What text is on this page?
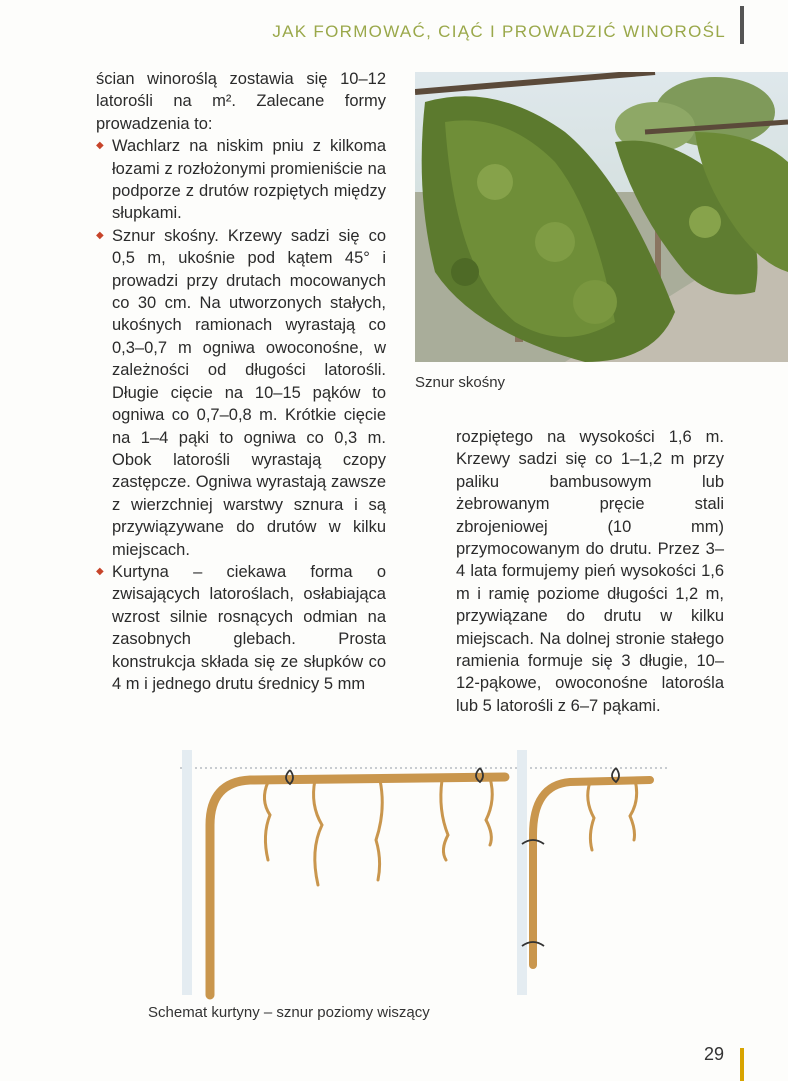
JAK FORMOWAĆ, CIĄĆ I PROWADZIĆ WINOROŚL

ścian winoroślą zostawia się 10–12 latorośli na m². Zalecane formy prowadzenia to:

◆ Wachlarz na niskim pniu z kilkoma łozami z rozłożonymi promieniście na podporze z drutów rozpiętych między słupkami.
◆ Sznur skośny. Krzewy sadzi się co 0,5 m, ukośnie pod kątem 45° i prowadzi przy drutach mocowanych co 30 cm. Na utworzonych stałych, ukośnych ramionach wyrastają co 0,3–0,7 m ogniwa owoconośne, w zależności od długości latorośli. Długie cięcie na 10–15 pąków to ogniwa co 0,7–0,8 m. Krótkie cięcie na 1–4 pąki to ogniwa co 0,3 m. Obok latorośli wyrastają czopy zastępcze. Ogniwa wyrastają zawsze z wierzchniej warstwy sznura i są przywiązywane do drutów w kilku miejscach.
◆ Kurtyna – ciekawa forma o zwisających latoroślach, osłabiająca wzrost silnie rosnących odmian na zasobnych glebach. Prosta konstrukcja składa się ze słupków co 4 m i jednego drutu średnicy 5 mm
Sznur skośny

rozpiętego na wysokości 1,6 m. Krzewy sadzi się co 1–1,2 m przy paliku bambusowym lub żebrowanym pręcie stali zbrojeniowej (10 mm) przymocowanym do drutu. Przez 3–4 lata formujemy pień wysokości 1,6 m i ramię poziome długości 1,2 m, przywiązane do drutu w kilku miejscach. Na dolnej stronie stałego ramienia formuje się 3 długie, 10–12-pąkowe, owoconośne latorośla lub 5 latorośli z 6–7 pąkami.

Schemat kurtyny – sznur poziomy wiszący
29
